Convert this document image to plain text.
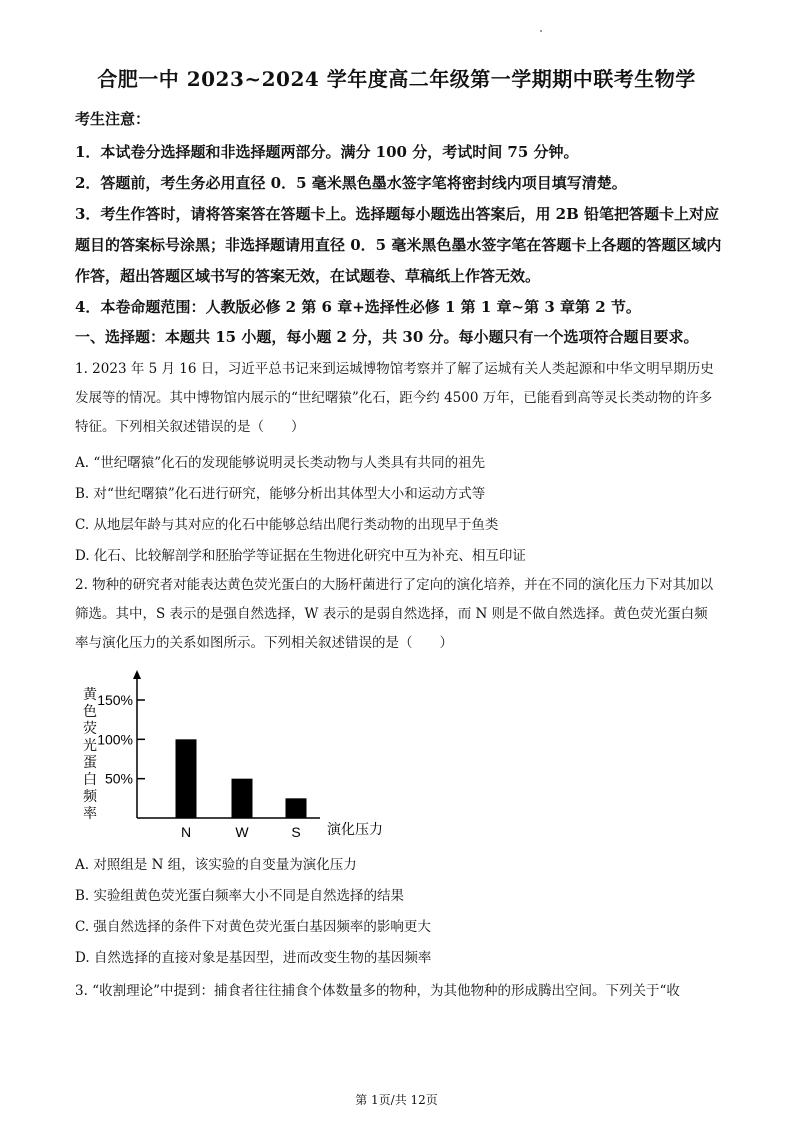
合肥一中 2023~2024 学年度高二年级第一学期期中联考生物学
考生注意：
1．本试卷分选择题和非选择题两部分。满分 100 分，考试时间 75 分钟。
2．答题前，考生务必用直径 0．5 毫米黑色墨水签字笔将密封线内项目填写清楚。
3．考生作答时，请将答案答在答题卡上。选择题每小题选出答案后，用 2B 铅笔把答题卡上对应题目的答案标号涂黑；非选择题请用直径 0．5 毫米黑色墨水签字笔在答题卡上各题的答题区域内作答，超出答题区域书写的答案无效，在试题卷、草稿纸上作答无效。
4．本卷命题范围：人教版必修 2 第 6 章+选择性必修 1 第 1 章~第 3 章第 2 节。
一、选择题：本题共 15 小题，每小题 2 分，共 30 分。每小题只有一个选项符合题目要求。
1. 2023 年 5 月 16 日，习近平总书记来到运城博物馆考察并了解了运城有关人类起源和中华文明早期历史发展等的情况。其中博物馆内展示的“世纪曙猿”化石，距今约 4500 万年，已能看到高等灵长类动物的许多特征。下列相关叙述错误的是（　　）
A. “世纪曙猿”化石的发现能够说明灵长类动物与人类具有共同的祖先
B. 对“世纪曙猿”化石进行研究，能够分析出其体型大小和运动方式等
C. 从地层年龄与其对应的化石中能够总结出爬行类动物的出现早于鱼类
D. 化石、比较解剖学和胚胎学等证据在生物进化研究中互为补充、相互印证
2. 物种的研究者对能表达黄色荧光蛋白的大肠杆菌进行了定向的演化培养，并在不同的演化压力下对其加以筛选。其中，S 表示的是强自然选择，W 表示的是弱自然选择，而 N 则是不做自然选择。黄色荧光蛋白频率与演化压力的关系如图所示。下列相关叙述错误的是（　　）
50%
100%
150%
N	W	S 演化压力
黄色荧光蛋白频率
A. 对照组是 N 组，该实验的自变量为演化压力
B. 实验组黄色荧光蛋白频率大小不同是自然选择的结果
C. 强自然选择的条件下对黄色荧光蛋白基因频率的影响更大
D. 自然选择的直接对象是基因型，进而改变生物的基因频率
3. “收割理论”中提到：捕食者往往捕食个体数量多的物种，为其他物种的形成腾出空间。下列关于“收
第 1页/共 12页
